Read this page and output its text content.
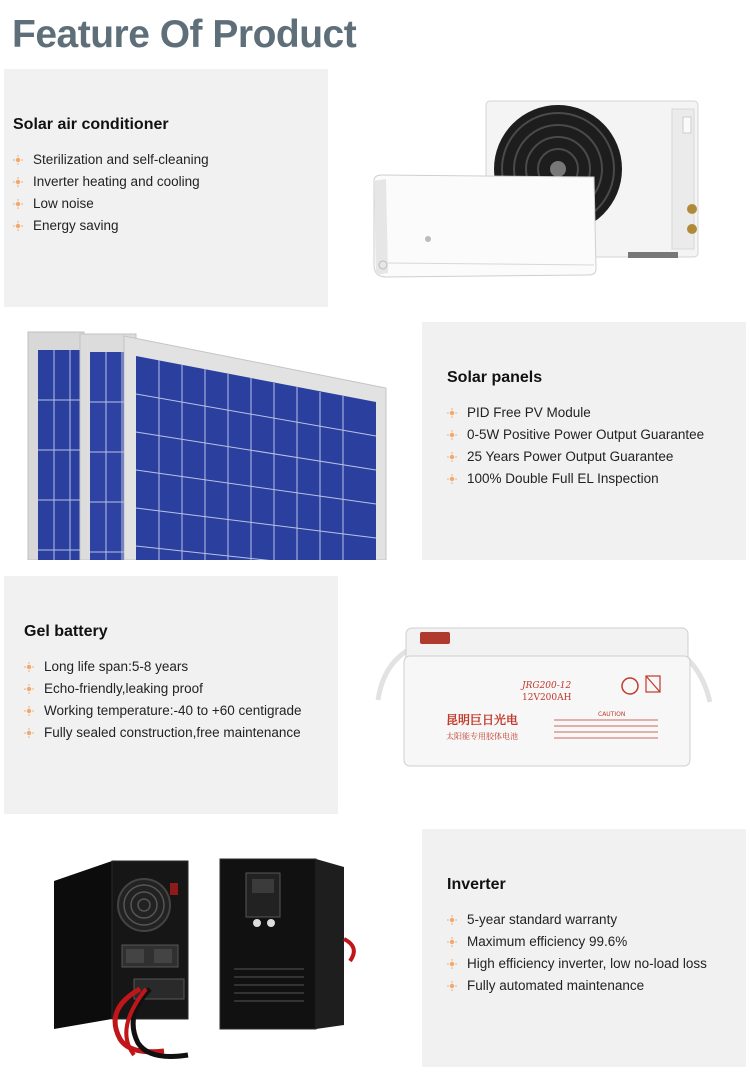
Feature Of Product
Solar air conditioner
Sterilization and self-cleaning
Inverter heating and cooling
Low noise
Energy saving
Solar panels
PID Free PV Module
0-5W Positive Power Output Guarantee
25 Years Power Output Guarantee
100% Double Full EL Inspection
Gel battery
Long life span:5-8 years
Echo-friendly,leaking proof
Working temperature:-40 to +60 centigrade
Fully sealed construction,free maintenance
JRG200-12
12V200AH
昆明巨日光电
太阳能专用胶体电池
CAUTION
Inverter
5-year standard warranty
Maximum efficiency 99.6%
High efficiency inverter, low no-load loss
Fully automated maintenance
